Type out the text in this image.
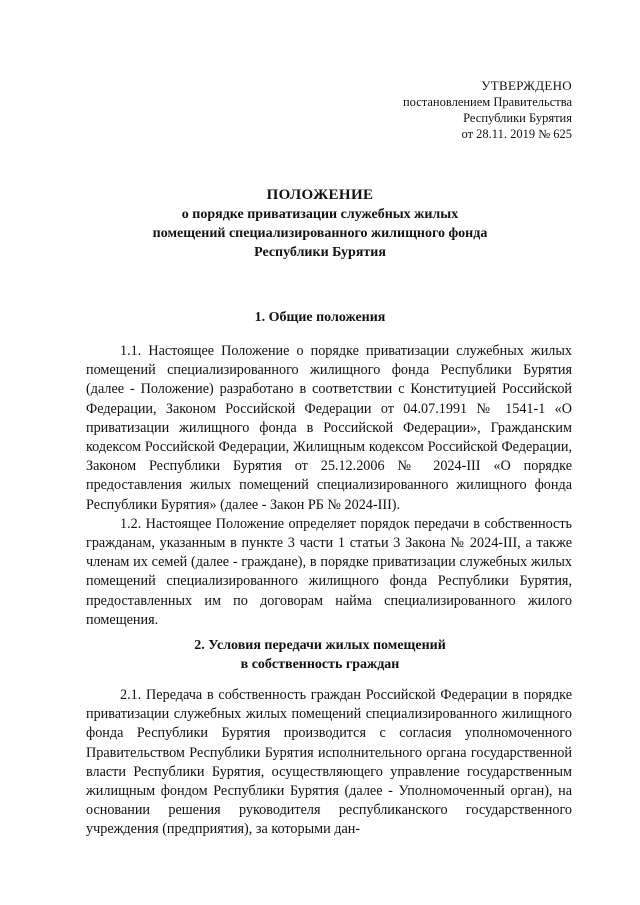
УТВЕРЖДЕНО
постановлением Правительства
Республики Бурятия
от 28.11. 2019 № 625
ПОЛОЖЕНИЕ
о порядке приватизации служебных жилых
помещений специализированного жилищного фонда
Республики Бурятия
1. Общие положения

1.1. Настоящее Положение о порядке приватизации служебных жилых помещений специализированного жилищного фонда Республики Бурятия (далее - Положение) разработано в соответствии с Конституцией Российской Федерации, Законом Российской Федерации от 04.07.1991 № 1541-1 «О приватизации жилищного фонда в Российской Федерации», Гражданским кодексом Российской Федерации, Жилищным кодексом Российской Федерации, Законом Республики Бурятия от 25.12.2006 № 2024-III «О порядке предоставления жилых помещений специализированного жилищного фонда Республики Бурятия» (далее - Закон РБ № 2024-III).

1.2. Настоящее Положение определяет порядок передачи в собственность гражданам, указанным в пункте 3 части 1 статьи 3 Закона № 2024-III, а также членам их семей (далее - граждане), в порядке приватизации служебных жилых помещений специализированного жилищного фонда Республики Бурятия, предоставленных им по договорам найма специализированного жилого помещения.

2. Условия передачи жилых помещений
в собственность граждан

2.1. Передача в собственность граждан Российской Федерации в порядке приватизации служебных жилых помещений специализированного жилищного фонда Республики Бурятия производится с согласия уполномоченного Правительством Республики Бурятия исполнительного органа государственной власти Республики Бурятия, осуществляющего управление государственным жилищным фондом Республики Бурятия (далее - Уполномоченный орган), на основании решения руководителя республиканского государственного учреждения (предприятия), за которыми дан-
